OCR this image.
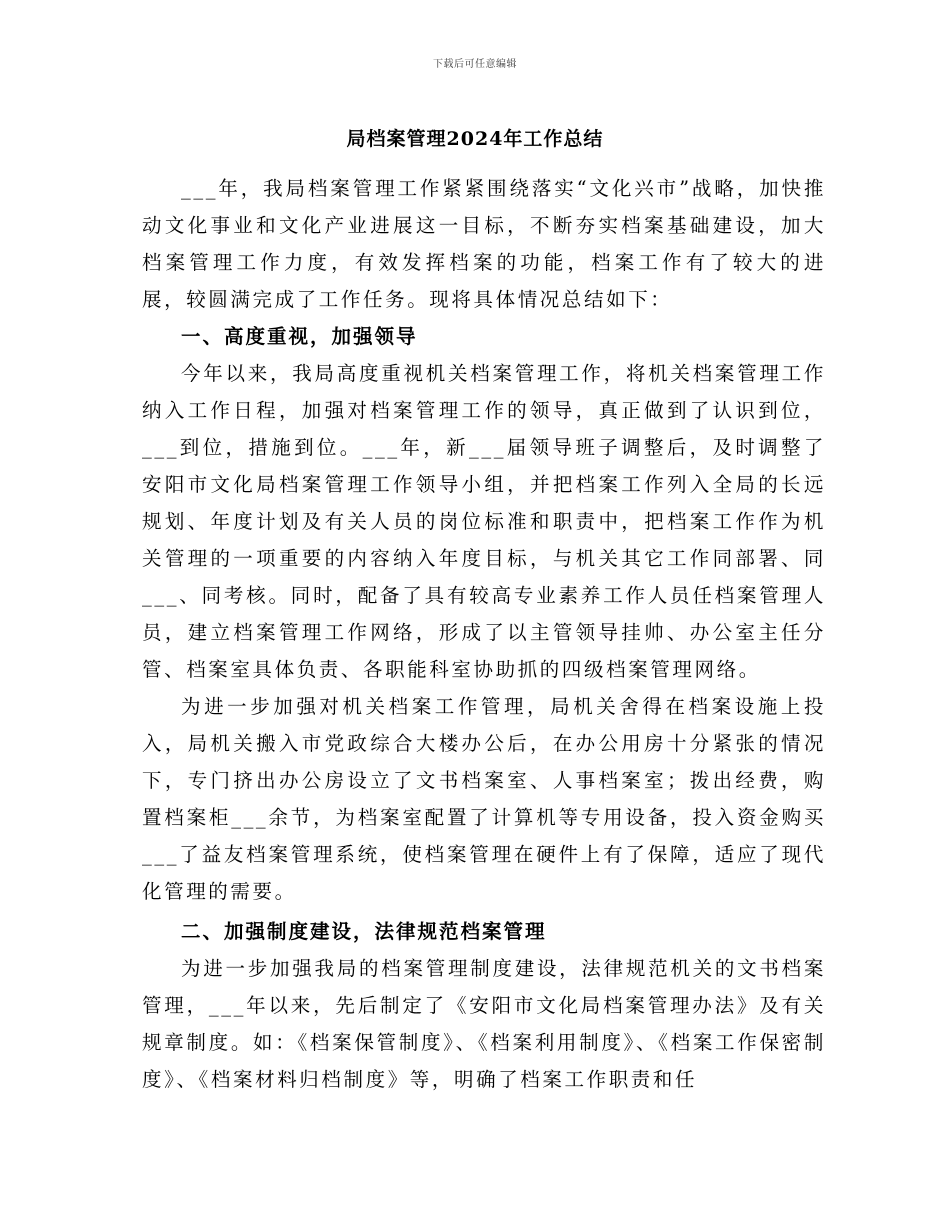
下载后可任意编辑
局档案管理2024年工作总结

___年，我局档案管理工作紧紧围绕落实“文化兴市”战略，加快推动文化事业和文化产业进展这一目标，不断夯实档案基础建设，加大档案管理工作力度，有效发挥档案的功能，档案工作有了较大的进展，较圆满完成了工作任务。现将具体情况总结如下：

一、高度重视，加强领导

今年以来，我局高度重视机关档案管理工作，将机关档案管理工作纳入工作日程，加强对档案管理工作的领导，真正做到了认识到位，___到位，措施到位。___年，新___届领导班子调整后，及时调整了安阳市文化局档案管理工作领导小组，并把档案工作列入全局的长远规划、年度计划及有关人员的岗位标准和职责中，把档案工作作为机关管理的一项重要的内容纳入年度目标，与机关其它工作同部署、同___、同考核。同时，配备了具有较高专业素养工作人员任档案管理人员，建立档案管理工作网络，形成了以主管领导挂帅、办公室主任分管、档案室具体负责、各职能科室协助抓的四级档案管理网络。

为进一步加强对机关档案工作管理，局机关舍得在档案设施上投入，局机关搬入市党政综合大楼办公后，在办公用房十分紧张的情况下，专门挤出办公房设立了文书档案室、人事档案室；拨出经费，购置档案柜___余节，为档案室配置了计算机等专用设备，投入资金购买___了益友档案管理系统，使档案管理在硬件上有了保障，适应了现代化管理的需要。

二、加强制度建设，法律规范档案管理

为进一步加强我局的档案管理制度建设，法律规范机关的文书档案管理，___年以来，先后制定了《安阳市文化局档案管理办法》及有关规章制度。如：《档案保管制度》、《档案利用制度》、《档案工作保密制度》、《档案材料归档制度》等，明确了档案工作职责和任
